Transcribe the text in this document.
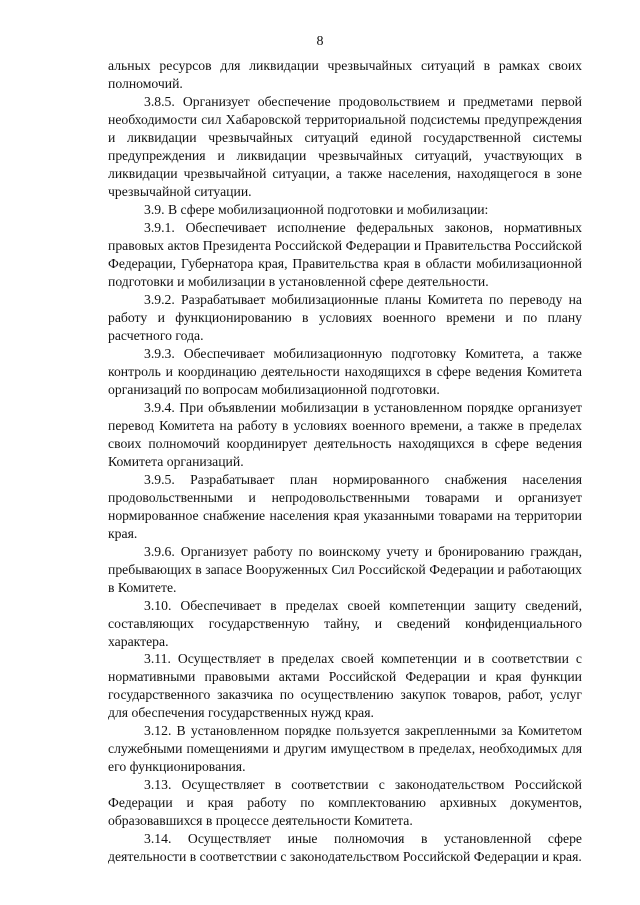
8

альных ресурсов для ликвидации чрезвычайных ситуаций в рамках своих полномочий.

3.8.5. Организует обеспечение продовольствием и предметами первой необходимости сил Хабаровской территориальной подсистемы предупреждения и ликвидации чрезвычайных ситуаций единой государственной системы предупреждения и ликвидации чрезвычайных ситуаций, участвующих в ликвидации чрезвычайной ситуации, а также населения, находящегося в зоне чрезвычайной ситуации.

3.9. В сфере мобилизационной подготовки и мобилизации:

3.9.1. Обеспечивает исполнение федеральных законов, нормативных правовых актов Президента Российской Федерации и Правительства Российской Федерации, Губернатора края, Правительства края в области мобилизационной подготовки и мобилизации в установленной сфере деятельности.

3.9.2. Разрабатывает мобилизационные планы Комитета по переводу на работу и функционированию в условиях военного времени и по плану расчетного года.

3.9.3. Обеспечивает мобилизационную подготовку Комитета, а также контроль и координацию деятельности находящихся в сфере ведения Комитета организаций по вопросам мобилизационной подготовки.

3.9.4. При объявлении мобилизации в установленном порядке организует перевод Комитета на работу в условиях военного времени, а также в пределах своих полномочий координирует деятельность находящихся в сфере ведения Комитета организаций.

3.9.5. Разрабатывает план нормированного снабжения населения продовольственными и непродовольственными товарами и организует нормированное снабжение населения края указанными товарами на территории края.

3.9.6. Организует работу по воинскому учету и бронированию граждан, пребывающих в запасе Вооруженных Сил Российской Федерации и работающих в Комитете.

3.10. Обеспечивает в пределах своей компетенции защиту сведений, составляющих государственную тайну, и сведений конфиденциального характера.

3.11. Осуществляет в пределах своей компетенции и в соответствии с нормативными правовыми актами Российской Федерации и края функции государственного заказчика по осуществлению закупок товаров, работ, услуг для обеспечения государственных нужд края.

3.12. В установленном порядке пользуется закрепленными за Комитетом служебными помещениями и другим имуществом в пределах, необходимых для его функционирования.

3.13. Осуществляет в соответствии с законодательством Российской Федерации и края работу по комплектованию архивных документов, образовавшихся в процессе деятельности Комитета.

3.14. Осуществляет иные полномочия в установленной сфере деятельности в соответствии с законодательством Российской Федерации и края.
